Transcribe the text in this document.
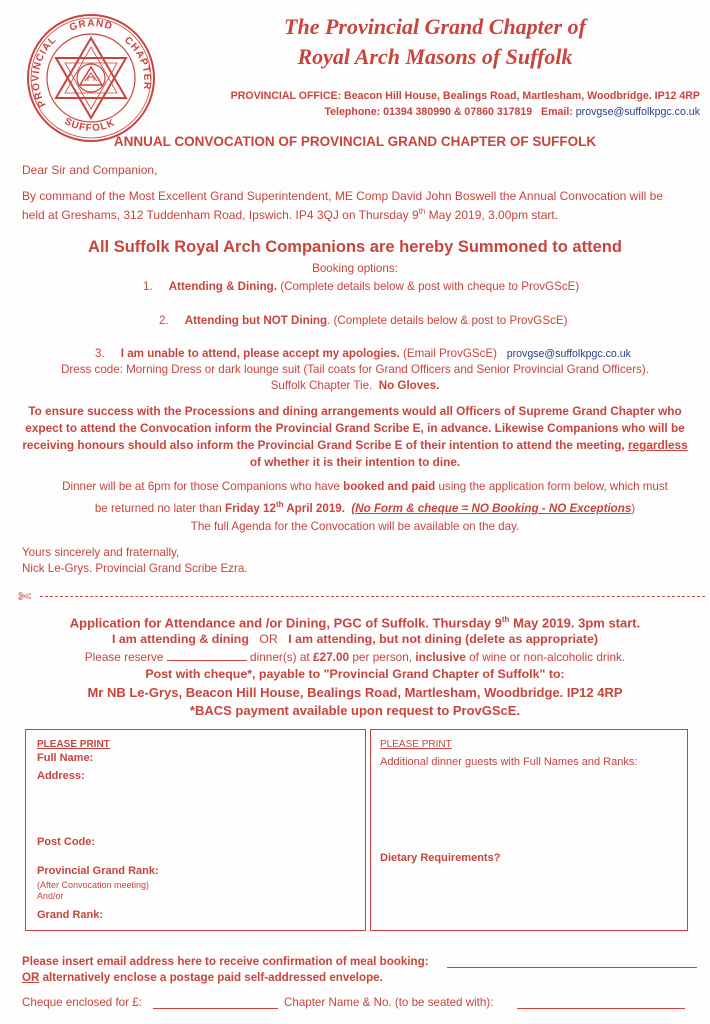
PROVINCIAL
GRAND
CHAPTER
SUFFOLK
The Provincial Grand Chapter of
Royal Arch Masons of Suffolk
PROVINCIAL OFFICE: Beacon Hill House, Bealings Road, Martlesham, Woodbridge. IP12 4RP
Telephone: 01394 380990 & 07860 317819 Email: provgse@suffolkpgc.co.uk
ANNUAL CONVOCATION OF PROVINCIAL GRAND CHAPTER OF SUFFOLK
Dear Sir and Companion,
By command of the Most Excellent Grand Superintendent, ME Comp David John Boswell the Annual Convocation will be
held at Greshams, 312 Tuddenham Road, Ipswich. IP4 3QJ on Thursday 9th May 2019, 3.00pm start.
All Suffolk Royal Arch Companions are hereby Summoned to attend
Booking options:
1. Attending & Dining. (Complete details below & post with cheque to ProvGScE)
2. Attending but NOT Dining. (Complete details below & post to ProvGScE)
3. I am unable to attend, please accept my apologies. (Email ProvGScE) provgse@suffolkpgc.co.uk
Dress code: Morning Dress or dark lounge suit (Tail coats for Grand Officers and Senior Provincial Grand Officers).
Suffolk Chapter Tie. No Gloves.
To ensure success with the Processions and dining arrangements would all Officers of Supreme Grand Chapter who
expect to attend the Convocation inform the Provincial Grand Scribe E, in advance. Likewise Companions who will be
receiving honours should also inform the Provincial Grand Scribe E of their intention to attend the meeting, regardless
of whether it is their intention to dine.
Dinner will be at 6pm for those Companions who have booked and paid using the application form below, which must
be returned no later than Friday 12th April 2019. (No Form & cheque = NO Booking - NO Exceptions)
The full Agenda for the Convocation will be available on the day.
Yours sincerely and fraternally,
Nick Le-Grys. Provincial Grand Scribe Ezra.
✄
Application for Attendance and /or Dining, PGC of Suffolk. Thursday 9th May 2019. 3pm start.
I am attending & dining OR I am attending, but not dining (delete as appropriate)
Please reserve	dinner(s) at £27.00 per person, inclusive of wine or non-alcoholic drink.
Post with cheque*, payable to "Provincial Grand Chapter of Suffolk" to:
Mr NB Le-Grys, Beacon Hill House, Bealings Road, Martlesham, Woodbridge. IP12 4RP
*BACS payment available upon request to ProvGScE.
PLEASE PRINT
Full Name:
Address:
Post Code:
Provincial Grand Rank:
(After Convocation meeting)
And/or
Grand Rank:
PLEASE PRINT
Additional dinner guests with Full Names and Ranks:
Dietary Requirements?
Please insert email address here to receive confirmation of meal booking:
OR alternatively enclose a postage paid self-addressed envelope.
Cheque enclosed for £:	Chapter Name & No. (to be seated with):
